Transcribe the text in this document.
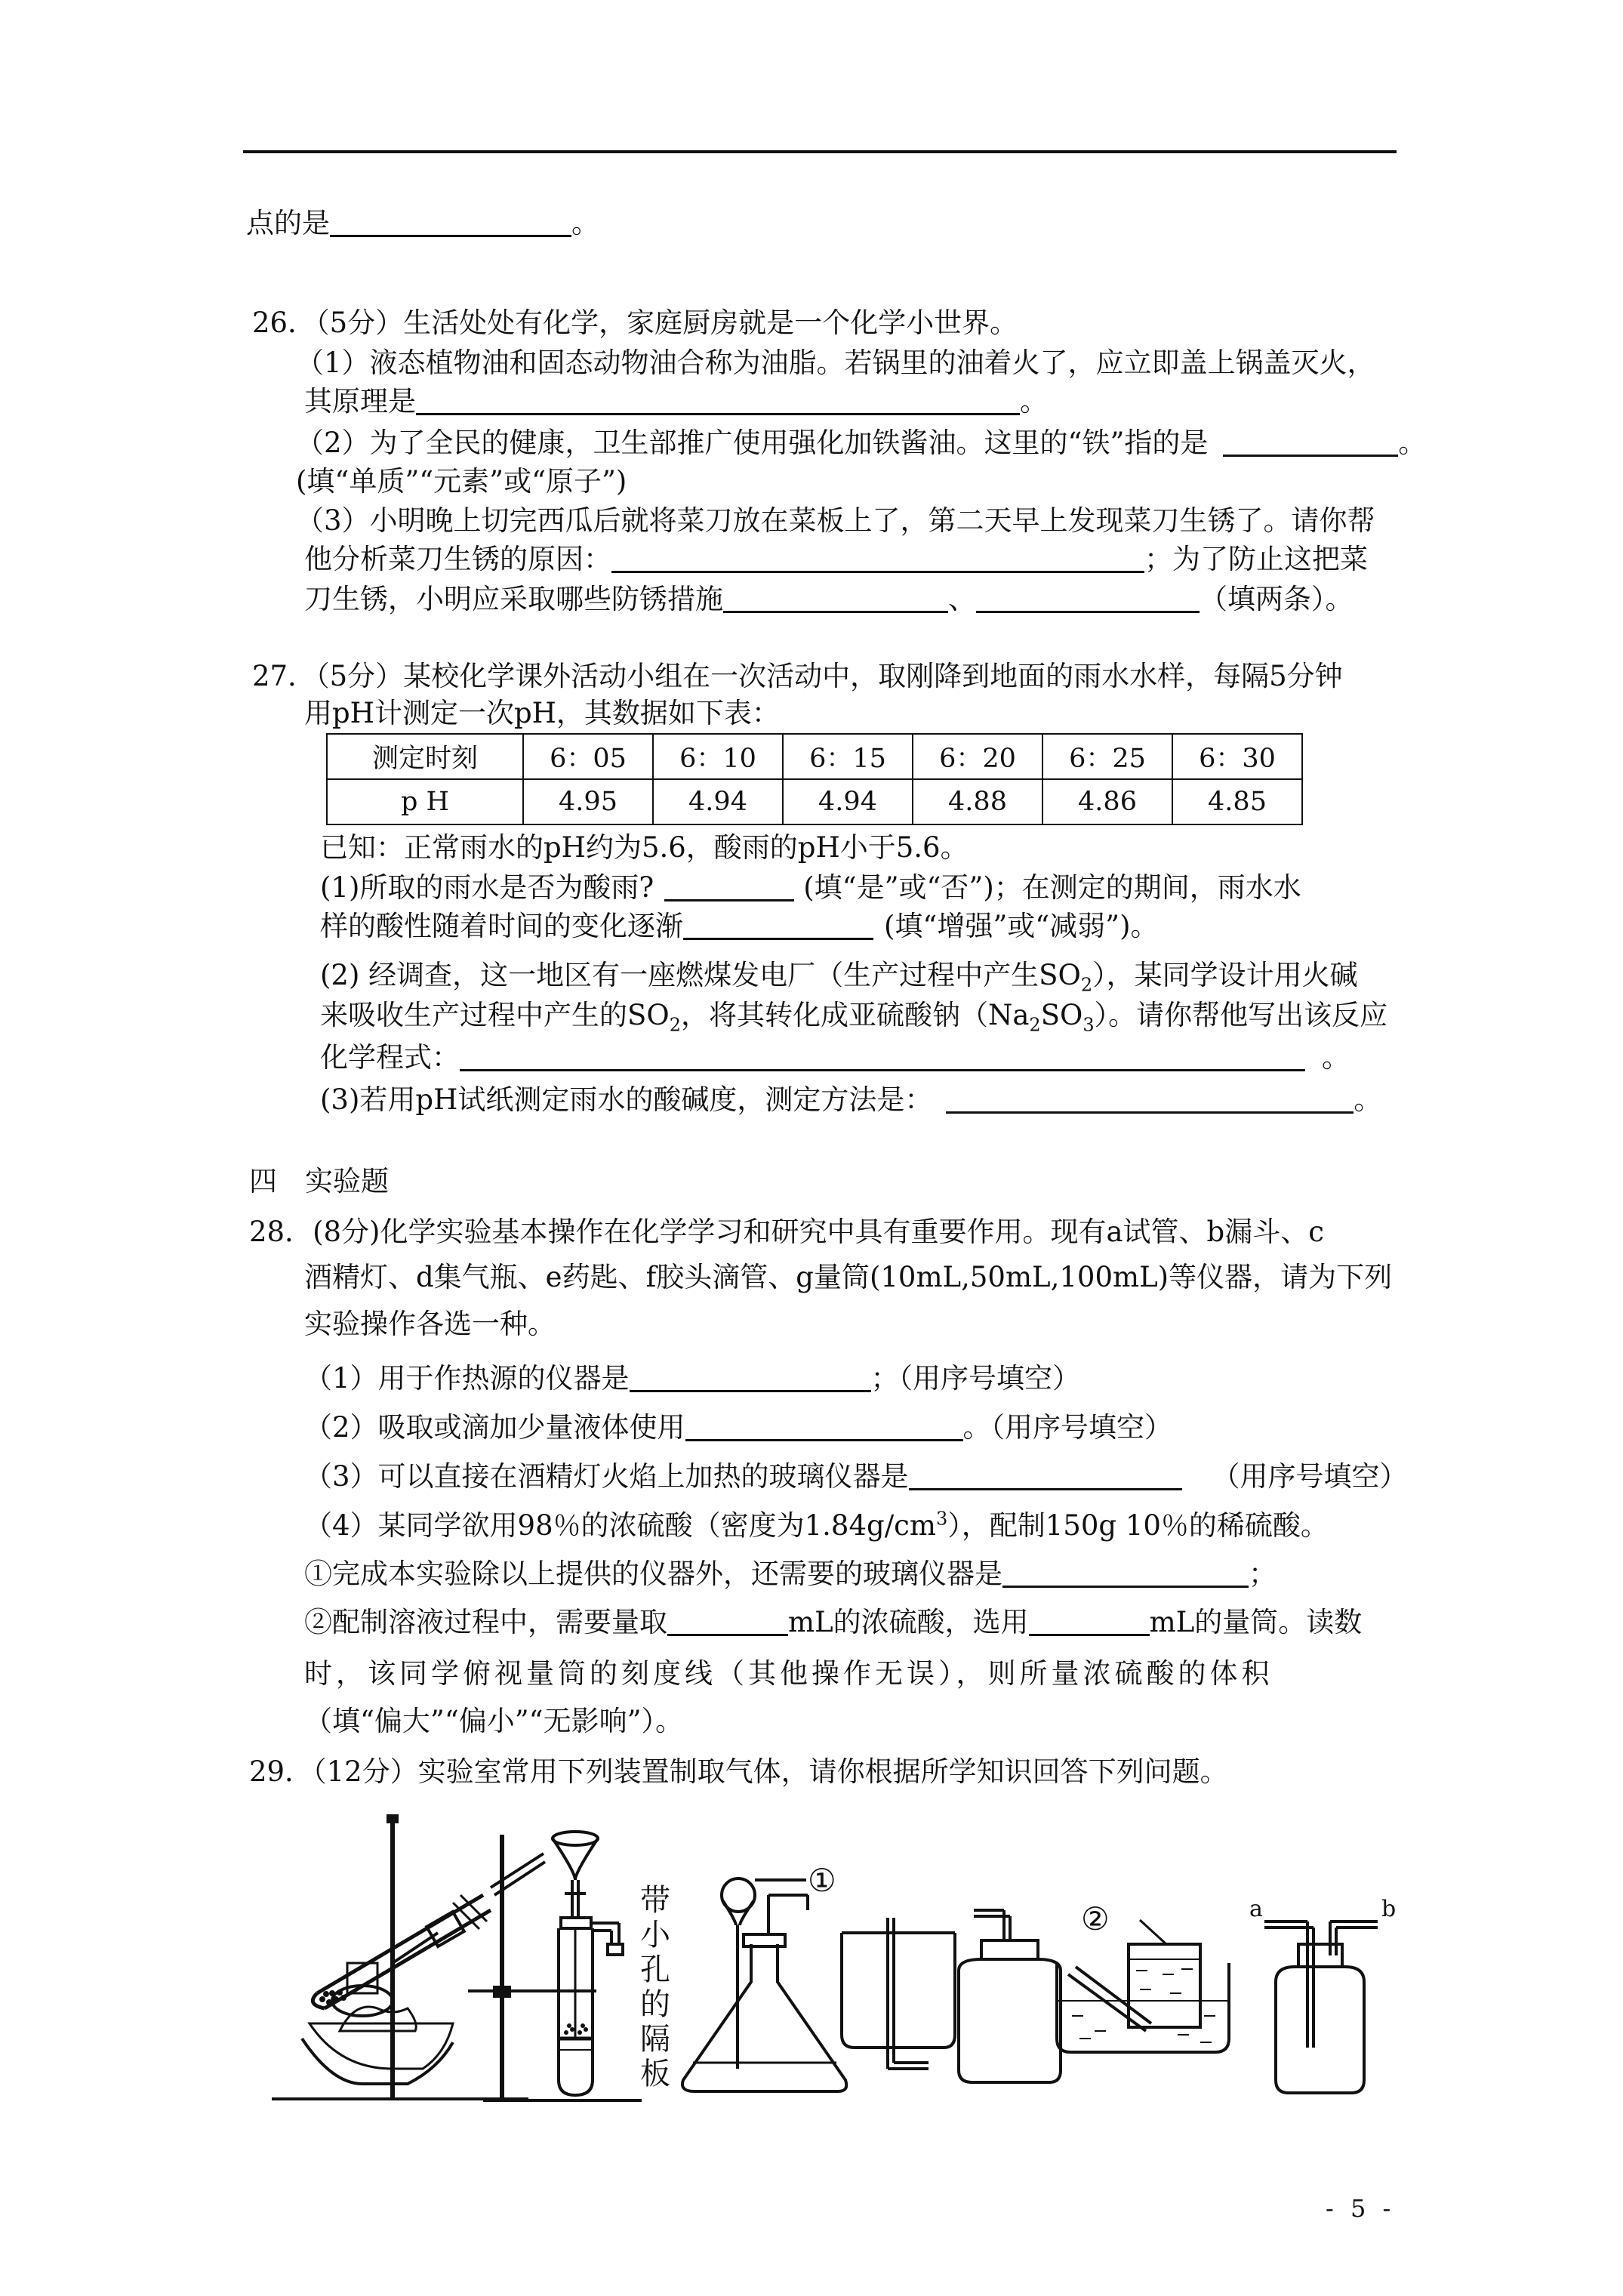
点的是	。
26．（5分）生活处处有化学，家庭厨房就是一个化学小世界。
（1）液态植物油和固态动物油合称为油脂。若锅里的油着火了，应立即盖上锅盖灭火，
其原理是	。
（2）为了全民的健康，卫生部推广使用强化加铁酱油。这里的“铁”指的是	。
(填“单质”“元素”或“原子”)
（3）小明晚上切完西瓜后就将菜刀放在菜板上了，第二天早上发现菜刀生锈了。请你帮
他分析菜刀生锈的原因：	；为了防止这把菜
刀生锈，小明应采取哪些防锈措施	、	（填两条）。
27．（5分）某校化学课外活动小组在一次活动中，取刚降到地面的雨水水样，每隔5分钟
用pH计测定一次pH，其数据如下表：
测定时刻	6：05	6：10	6：15	6：20	6：25	6：30
p H	4.95	4.94	4.94	4.88	4.86	4.85
已知：正常雨水的pH约为5.6，酸雨的pH小于5.6。
(1)所取的雨水是否为酸雨?	(填“是”或“否”)；在测定的期间，雨水水
样的酸性随着时间的变化逐渐	(填“增强”或“减弱”)。
(2) 经调查，这一地区有一座燃煤发电厂（生产过程中产生$SO_2$），某同学设计用火碱
来吸收生产过程中产生的$SO_2$，将其转化成亚硫酸钠$(Na_2SO_3)$。请你帮他写出该反应
化学程式：	。
(3)若用pH试纸测定雨水的酸碱度，测定方法是：	。
四　实验题
28．(8分)化学实验基本操作在化学学习和研究中具有重要作用。现有a试管、b漏斗、c
酒精灯、d集气瓶、e药匙、f胶头滴管、g量筒(10mL,50mL,100mL)等仪器，请为下列
实验操作各选一种。
（1）用于作热源的仪器是	；（用序号填空）
（2）吸取或滴加少量液体使用	。（用序号填空）
（3）可以直接在酒精灯火焰上加热的玻璃仪器是	（用序号填空）
（4）某同学欲用98％的浓硫酸（密度为$1.84g/cm^3$），配制150g 10％的稀硫酸。
①完成本实验除以上提供的仪器外，还需要的玻璃仪器是	；
②配制溶液过程中，需要量取	mL的浓硫酸，选用	mL的量筒。读数
时，该同学俯视量筒的刻度线（其他操作无误），则所量浓硫酸的体积
（填“偏大”“偏小”“无影响”）。
29．（12分）实验室常用下列装置制取气体，请你根据所学知识回答下列问题。
带
小
孔
的
隔
板
①
②	a	b
- 5 -
